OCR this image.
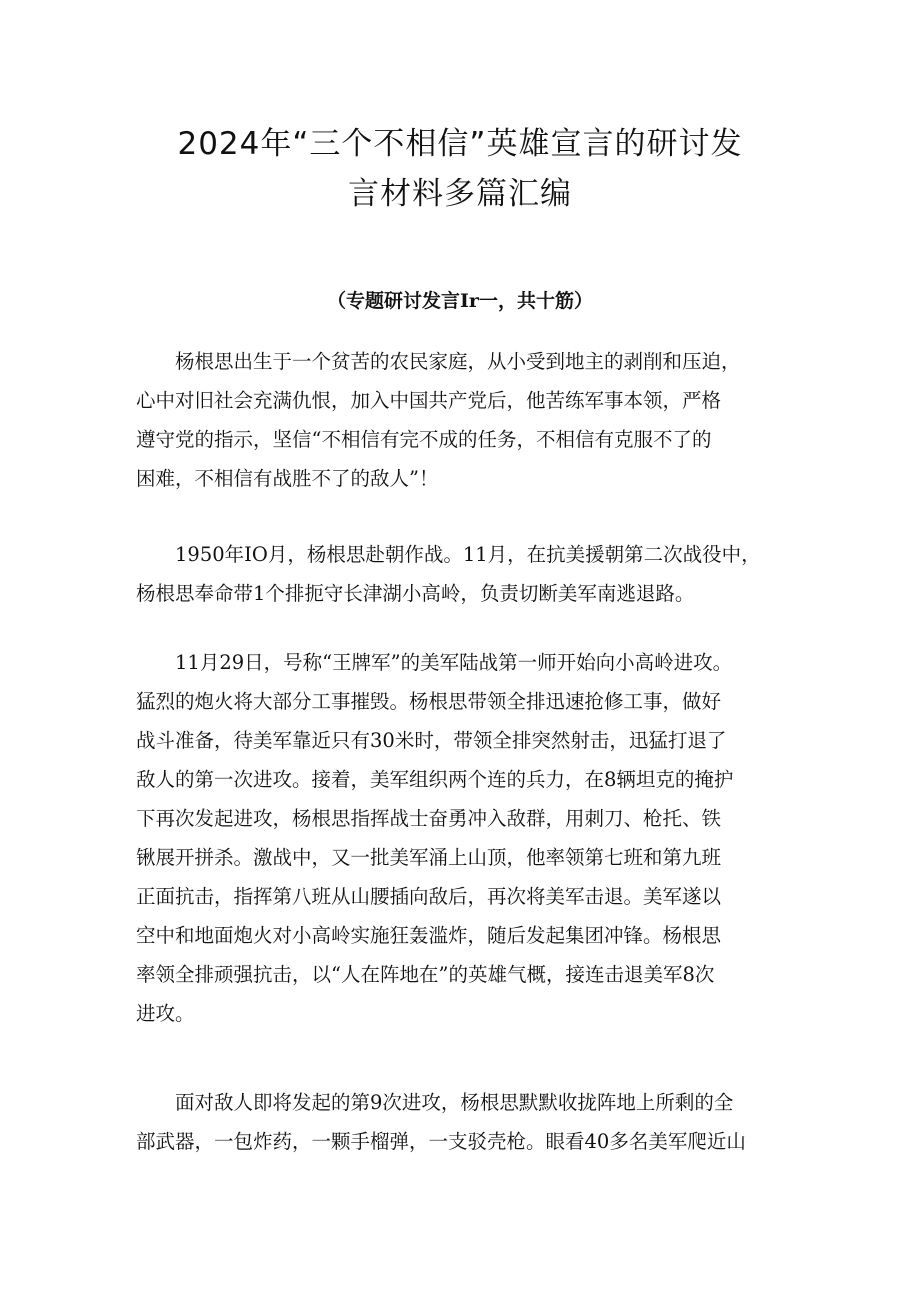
2024年“三个不相信”英雄宣言的研讨发
言材料多篇汇编

（专题研讨发言Ir一，共十筋）

杨根思出生于一个贫苦的农民家庭，从小受到地主的剥削和压迫，

心中对旧社会充满仇恨，加入中国共产党后，他苦练军事本领，严格

遵守党的指示，坚信“不相信有完不成的任务，不相信有克服不了的

困难，不相信有战胜不了的敌人”！

1950年IO月，杨根思赴朝作战。11月，在抗美援朝第二次战役中，

杨根思奉命带1个排扼守长津湖小高岭，负责切断美军南逃退路。

11月29日，号称“王牌军”的美军陆战第一师开始向小高岭进攻。

猛烈的炮火将大部分工事摧毁。杨根思带领全排迅速抢修工事，做好

战斗准备，待美军靠近只有30米时，带领全排突然射击，迅猛打退了

敌人的第一次进攻。接着，美军组织两个连的兵力，在8辆坦克的掩护

下再次发起进攻，杨根思指挥战士奋勇冲入敌群，用刺刀、枪托、铁

锹展开拼杀。激战中，又一批美军涌上山顶，他率领第七班和第九班

正面抗击，指挥第八班从山腰插向敌后，再次将美军击退。美军遂以

空中和地面炮火对小高岭实施狂轰滥炸，随后发起集团冲锋。杨根思

率领全排顽强抗击，以“人在阵地在”的英雄气概，接连击退美军8次

进攻。

面对敌人即将发起的第9次进攻，杨根思默默收拢阵地上所剩的全

部武器，一包炸药，一颗手榴弹，一支驳壳枪。眼看40多名美军爬近山
